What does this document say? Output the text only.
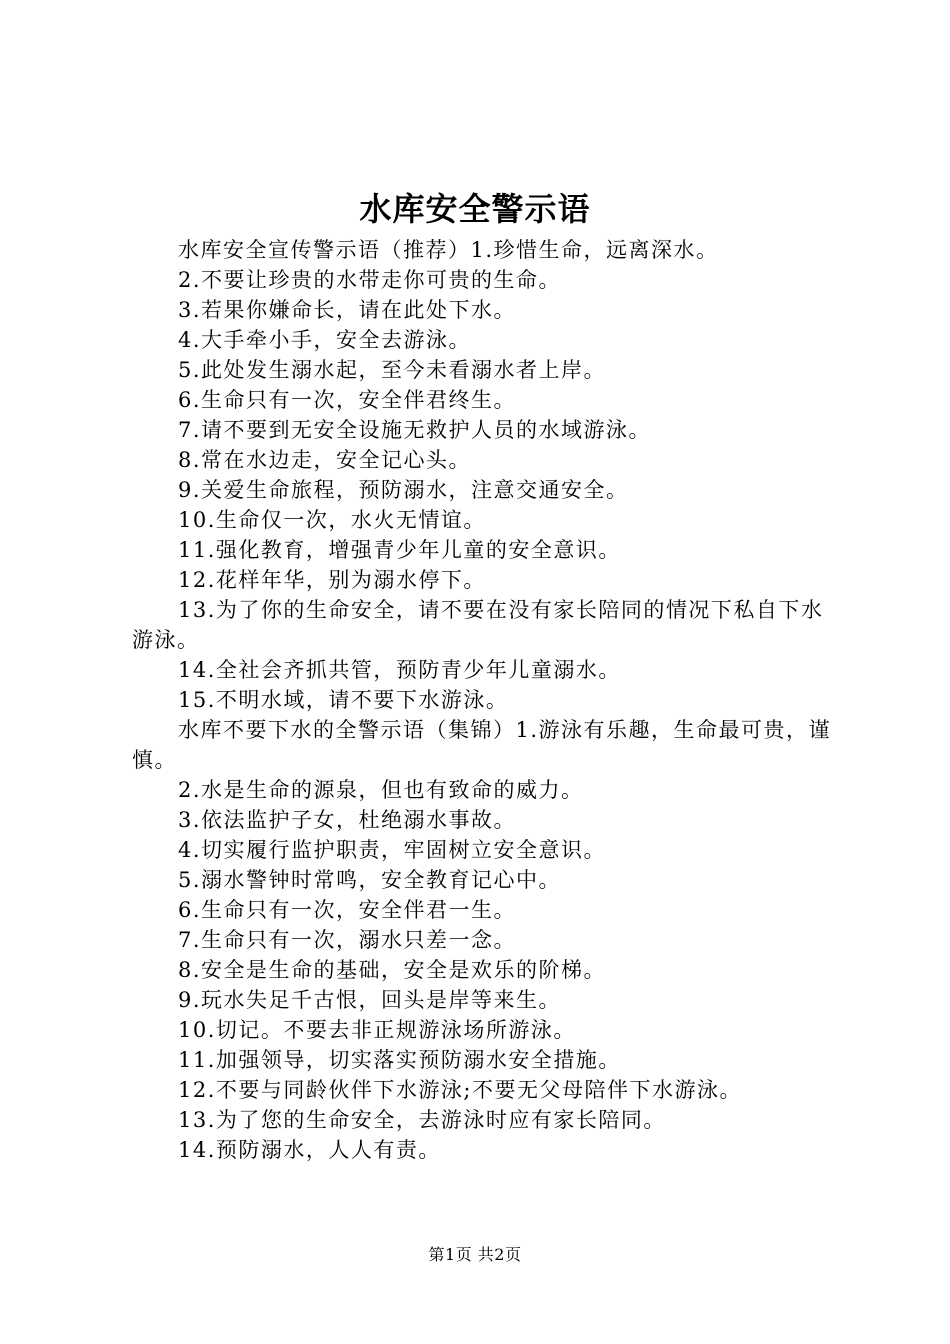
水库安全警示语

水库安全宣传警示语（推荐）1.珍惜生命，远离深水。

2.不要让珍贵的水带走你可贵的生命。

3.若果你嫌命长，请在此处下水。

4.大手牵小手，安全去游泳。

5.此处发生溺水起，至今未看溺水者上岸。

6.生命只有一次，安全伴君终生。

7.请不要到无安全设施无救护人员的水域游泳。

8.常在水边走，安全记心头。

9.关爱生命旅程，预防溺水，注意交通安全。

10.生命仅一次，水火无情谊。

11.强化教育，增强青少年儿童的安全意识。

12.花样年华，别为溺水停下。

13.为了你的生命安全，请不要在没有家长陪同的情况下私自下水游泳。

14.全社会齐抓共管，预防青少年儿童溺水。

15.不明水域，请不要下水游泳。

水库不要下水的全警示语（集锦）1.游泳有乐趣，生命最可贵，谨慎。

2.水是生命的源泉，但也有致命的威力。

3.依法监护子女，杜绝溺水事故。

4.切实履行监护职责，牢固树立安全意识。

5.溺水警钟时常鸣，安全教育记心中。

6.生命只有一次，安全伴君一生。

7.生命只有一次，溺水只差一念。

8.安全是生命的基础，安全是欢乐的阶梯。

9.玩水失足千古恨，回头是岸等来生。

10.切记。不要去非正规游泳场所游泳。

11.加强领导，切实落实预防溺水安全措施。

12.不要与同龄伙伴下水游泳;不要无父母陪伴下水游泳。

13.为了您的生命安全，去游泳时应有家长陪同。

14.预防溺水，人人有责。

第1页 共2页
